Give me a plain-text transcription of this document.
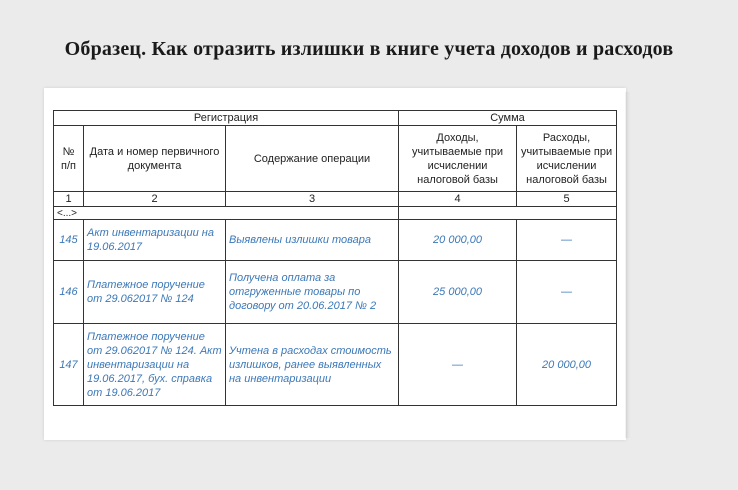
Образец. Как отразить излишки в книге учета доходов и расходов
Регистрация			Сумма	

№
п/п	Дата и номер первичного документа	Содержание операции	Доходы, учитываемые при исчислении налоговой базы	Расходы, учитываемые при исчислении налоговой базы
1	2	3	4	5
<...>				
145	Акт инвентаризации на 19.06.2017	Выявлены излишки товара	20 000,00	—
146	Платежное поручение от 29.062017 № 124	Получена оплата за отгруженные товары по договору от 20.06.2017 № 2	25 000,00	—
147	Платежное поручение от 29.062017 № 124. Акт инвентаризации на 19.06.2017, бух. справка от 19.06.2017	Учтена в расходах стоимость излишков, ранее выявленных на инвентаризации	—	20 000,00
